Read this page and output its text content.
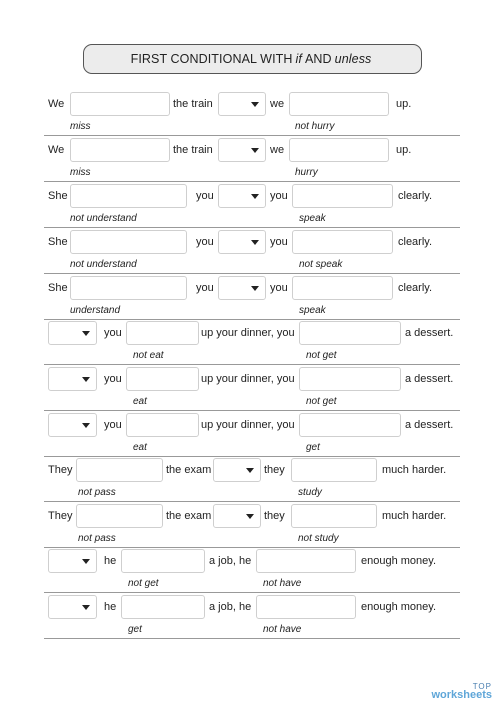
FIRST CONDITIONAL WITH if AND unless
We	the train	we	up.
miss	not hurry
We	the train	we	up.
miss	hurry
She	you	you	clearly.
not understand	speak
She	you	you	clearly.
not understand	not speak
She	you	you	clearly.
understand	speak
you	up your dinner, you	a dessert.
not eat	not get
you	up your dinner, you	a dessert.
eat	not get
you	up your dinner, you	a dessert.
eat	get
They	the exam	they	much harder.
not pass	study
They	the exam	they	much harder.
not pass	not study
he	a job, he	enough money.
not get	not have
he	a job, he	enough money.
get	not have
TOP
worksheets
